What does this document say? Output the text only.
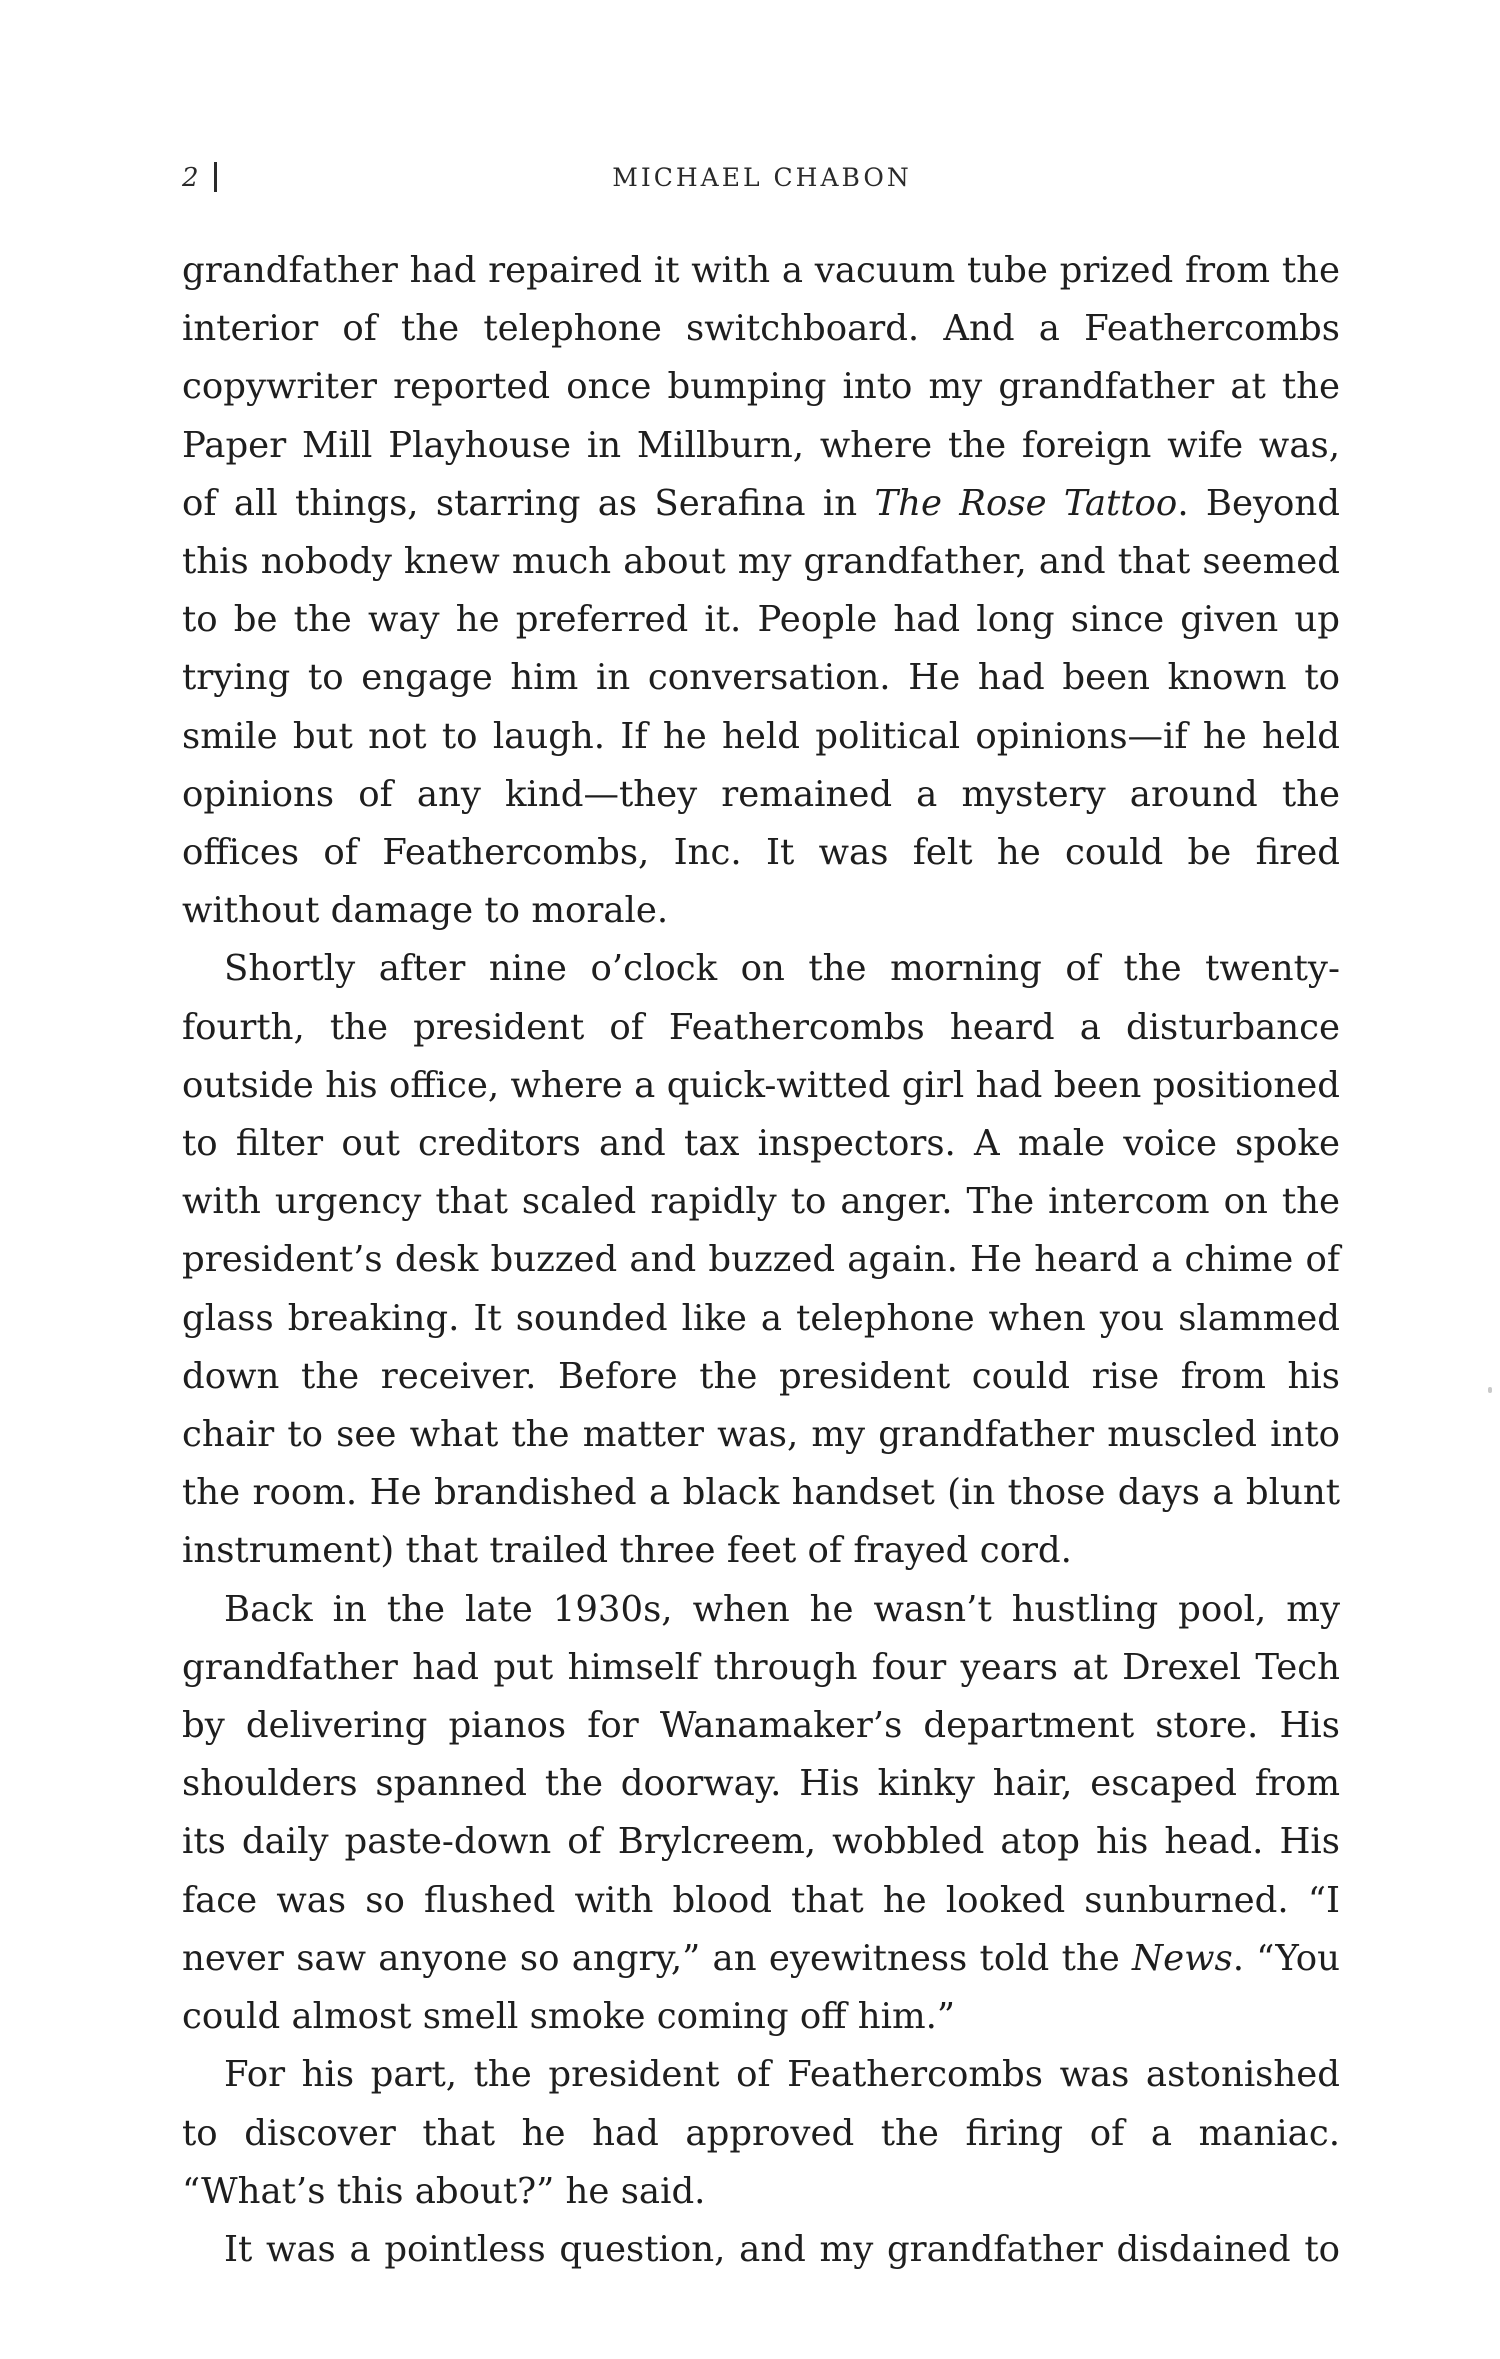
2	MICHAEL CHABON

grandfather had repaired it with a vacuum tube prized from the interior of the telephone switchboard. And a Feathercombs copywriter reported once bumping into my grandfather at the Paper Mill Playhouse in Millburn, where the foreign wife was, of all things, starring as Serafina in The Rose Tattoo. Beyond this nobody knew much about my grandfather, and that seemed to be the way he preferred it. People had long since given up trying to engage him in conversation. He had been known to smile but not to laugh. If he held political opinions—if he held opinions of any kind—they remained a mystery around the offices of Feathercombs, Inc. It was felt he could be fired without damage to morale.

Shortly after nine o’clock on the morning of the twenty-fourth, the president of Feathercombs heard a disturbance outside his office, where a quick-witted girl had been positioned to filter out creditors and tax inspectors. A male voice spoke with urgency that scaled rapidly to anger. The intercom on the president’s desk buzzed and buzzed again. He heard a chime of glass breaking. It sounded like a telephone when you slammed down the receiver. Before the president could rise from his chair to see what the matter was, my grandfather muscled into the room. He brandished a black handset (in those days a blunt instrument) that trailed three feet of frayed cord.

Back in the late 1930s, when he wasn’t hustling pool, my grandfather had put himself through four years at Drexel Tech by delivering pianos for Wanamaker’s department store. His shoulders spanned the doorway. His kinky hair, escaped from its daily paste-down of Brylcreem, wobbled atop his head. His face was so flushed with blood that he looked sunburned. “I never saw anyone so angry,” an eyewitness told the News. “You could almost smell smoke coming off him.”

For his part, the president of Feathercombs was astonished to discover that he had approved the firing of a maniac. “What’s this about?” he said.

It was a pointless question, and my grandfather disdained to
